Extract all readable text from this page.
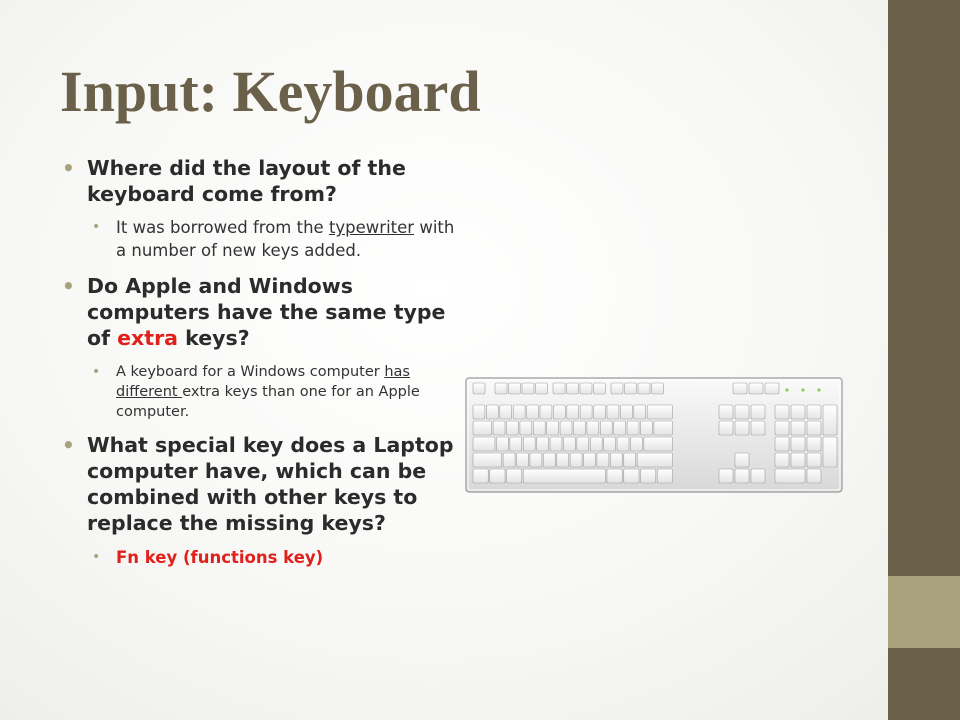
Input: Keyboard
• Where did the layout of the keyboard come from?
• It was borrowed from the typewriter with a number of new keys added.
• Do Apple and Windows computers have the same type of extra keys?
• A keyboard for a Windows computer has different extra keys than one for an Apple computer.
• What special key does a Laptop computer have, which can be combined with other keys to replace the missing keys?
• Fn key (functions key)
